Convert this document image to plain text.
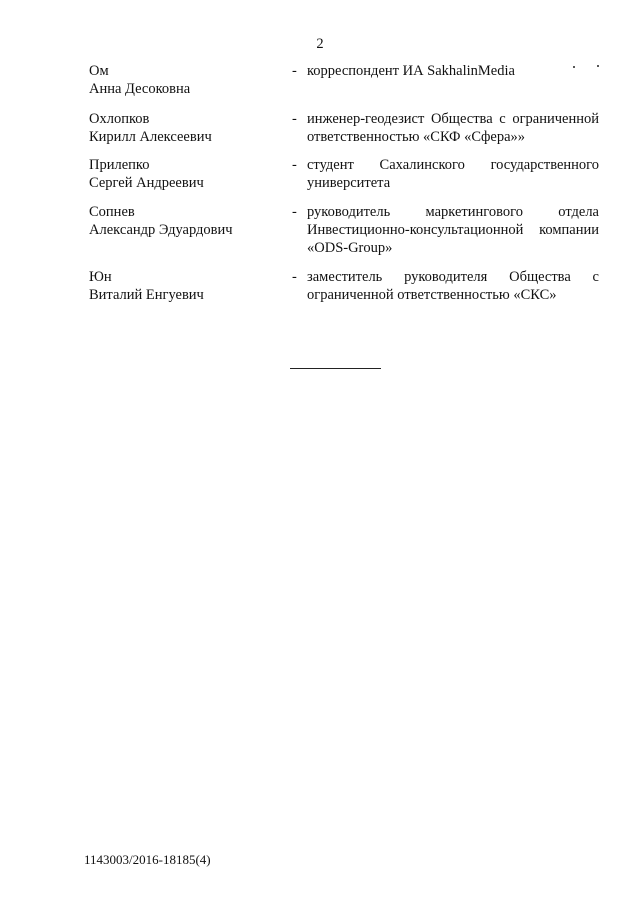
2
Ом
Анна Десоковна
- корреспондент ИА SakhalinMedia
Охлопков
Кирилл Алексеевич
- инженер-геодезист Общества с ограниченной ответственностью «СКФ «Сфера»»
Прилепко
Сергей Андреевич
- студент Сахалинского государственного университета
Сопнев
Александр Эдуардович
- руководитель маркетингового отдела Инвестиционно-консультационной компании «ODS-Group»
Юн
Виталий Енгуевич
- заместитель руководителя Общества с ограниченной ответственностью «СКС»
1143003/2016-18185(4)
